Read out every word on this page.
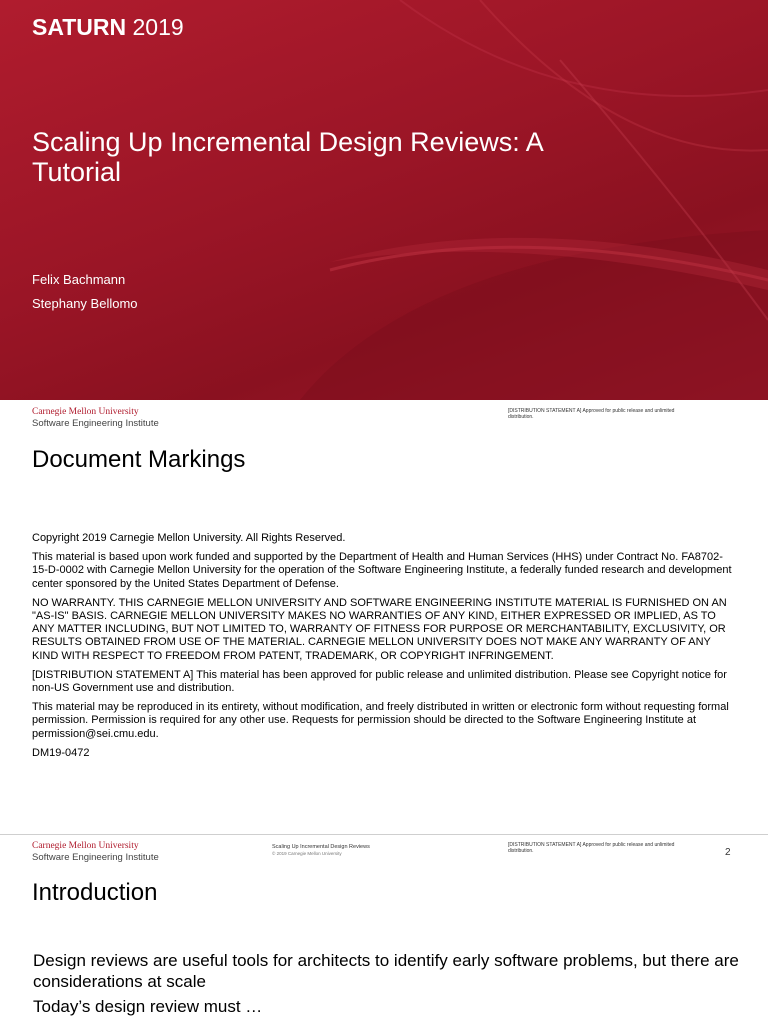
SATURN 2019
Scaling Up Incremental Design Reviews: A Tutorial
Felix Bachmann
Stephany Bellomo
Carnegie Mellon University
Software Engineering Institute
[DISTRIBUTION STATEMENT A] Approved for public release and unlimited distribution.
Document Markings

Copyright 2019 Carnegie Mellon University. All Rights Reserved.

This material is based upon work funded and supported by the Department of Health and Human Services (HHS) under Contract No. FA8702-15-D-0002 with Carnegie Mellon University for the operation of the Software Engineering Institute, a federally funded research and development center sponsored by the United States Department of Defense.

NO WARRANTY. THIS CARNEGIE MELLON UNIVERSITY AND SOFTWARE ENGINEERING INSTITUTE MATERIAL IS FURNISHED ON AN "AS-IS" BASIS. CARNEGIE MELLON UNIVERSITY MAKES NO WARRANTIES OF ANY KIND, EITHER EXPRESSED OR IMPLIED, AS TO ANY MATTER INCLUDING, BUT NOT LIMITED TO, WARRANTY OF FITNESS FOR PURPOSE OR MERCHANTABILITY, EXCLUSIVITY, OR RESULTS OBTAINED FROM USE OF THE MATERIAL. CARNEGIE MELLON UNIVERSITY DOES NOT MAKE ANY WARRANTY OF ANY KIND WITH RESPECT TO FREEDOM FROM PATENT, TRADEMARK, OR COPYRIGHT INFRINGEMENT.

[DISTRIBUTION STATEMENT A] This material has been approved for public release and unlimited distribution. Please see Copyright notice for non-US Government use and distribution.

This material may be reproduced in its entirety, without modification, and freely distributed in written or electronic form without requesting formal permission. Permission is required for any other use. Requests for permission should be directed to the Software Engineering Institute at permission@sei.cmu.edu.

DM19-0472

Carnegie Mellon University
Software Engineering Institute
Scaling Up Incremental Design Reviews
© 2019 Carnegie Mellon University
[DISTRIBUTION STATEMENT A] Approved for public release and unlimited distribution.	2
Introduction

Design reviews are useful tools for architects to identify early software problems, but there are considerations at scale

Today’s design review must …
